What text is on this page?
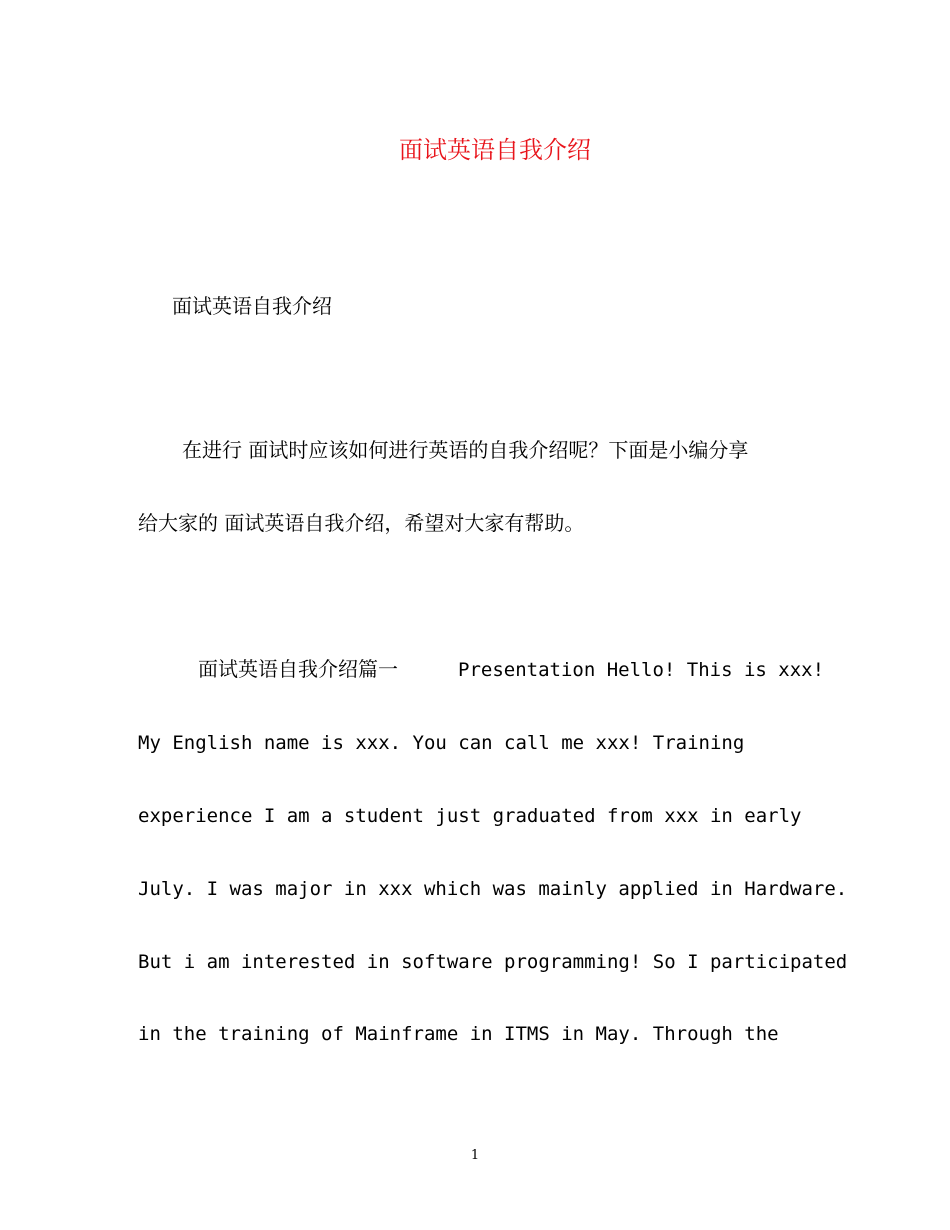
面试英语自我介绍
面试英语自我介绍
在进行 面试时应该如何进行英语的自我介绍呢？下面是小编分享
给大家的 面试英语自我介绍，希望对大家有帮助。
面试英语自我介绍篇一	Presentation Hello! This is xxx!
My English name is xxx. You can call me xxx! Training
experience I am a student just graduated from xxx in early
July. I was major in xxx which was mainly applied in Hardware.
But i am interested in software programming! So I participated
in the training of Mainframe in ITMS in May. Through the
1
